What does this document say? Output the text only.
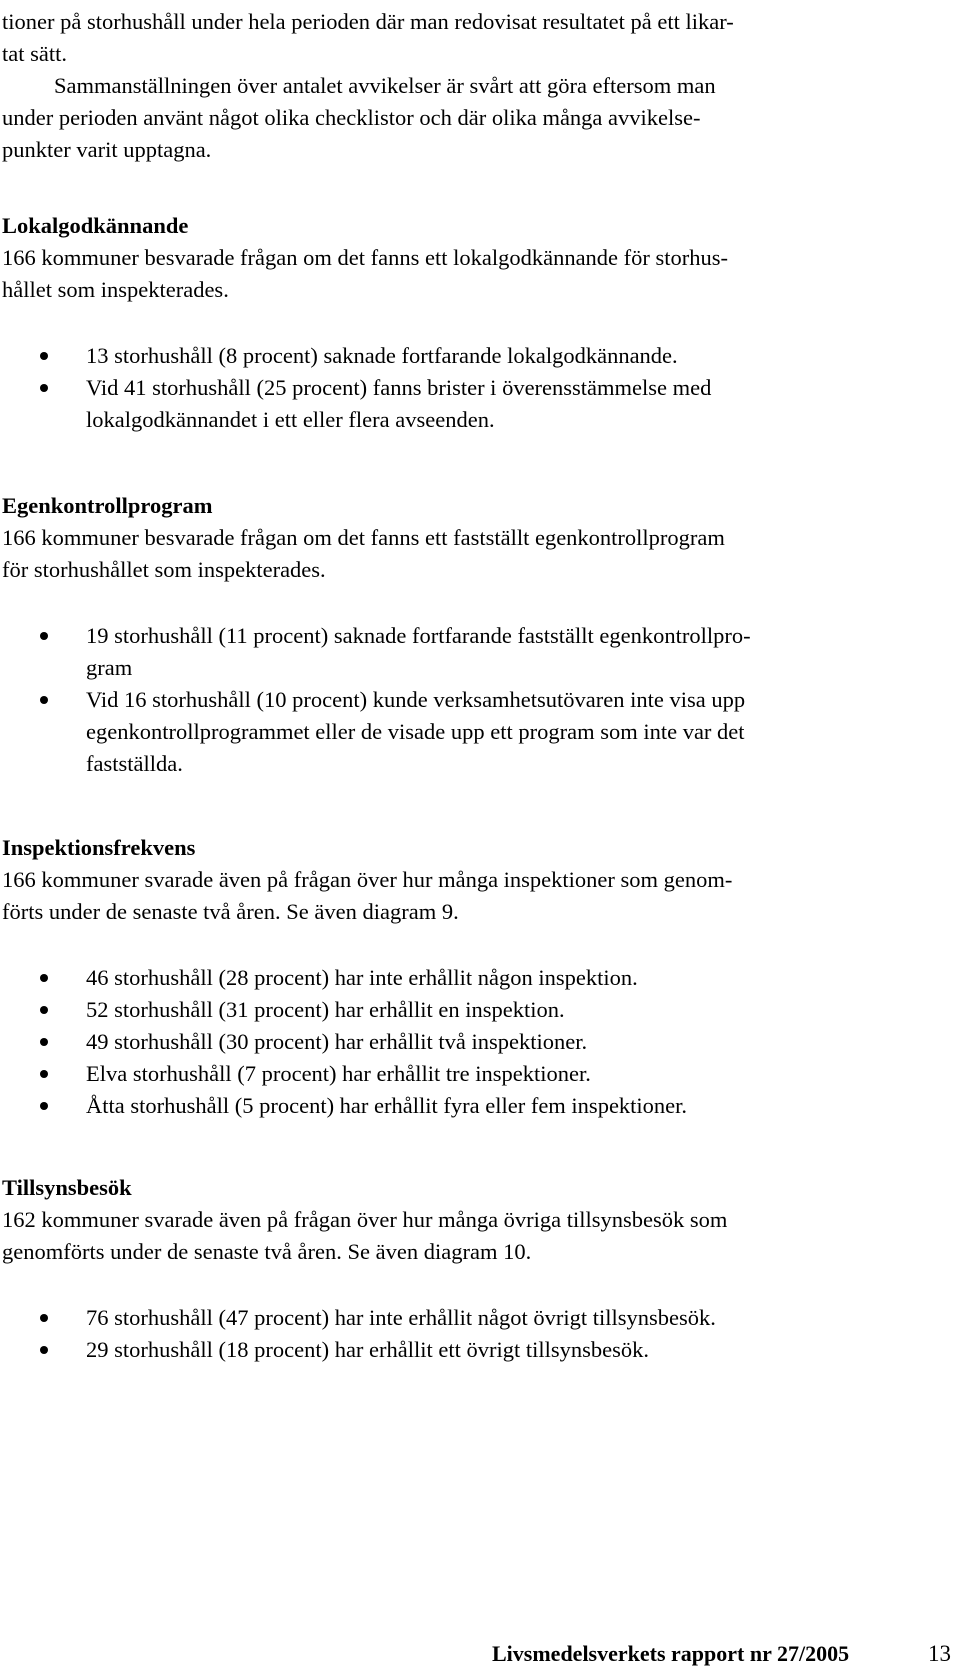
tioner på storhushåll under hela perioden där man redovisat resultatet på ett likar-
tat sätt.
Sammanställningen över antalet avvikelser är svårt att göra eftersom man
under perioden använt något olika checklistor och där olika många avvikelse-
punkter varit upptagna.
Lokalgodkännande
166 kommuner besvarade frågan om det fanns ett lokalgodkännande för storhus-
hållet som inspekterades.
13 storhushåll (8 procent) saknade fortfarande lokalgodkännande.
Vid 41 storhushåll (25 procent) fanns brister i överensstämmelse med
lokalgodkännandet i ett eller flera avseenden.
Egenkontrollprogram
166 kommuner besvarade frågan om det fanns ett fastställt egenkontrollprogram
för storhushållet som inspekterades.
19 storhushåll (11 procent) saknade fortfarande fastställt egenkontrollpro-
gram
Vid 16 storhushåll (10 procent) kunde verksamhetsutövaren inte visa upp
egenkontrollprogrammet eller de visade upp ett program som inte var det
fastställda.
Inspektionsfrekvens
166 kommuner svarade även på frågan över hur många inspektioner som genom-
förts under de senaste två åren. Se även diagram 9.
46 storhushåll (28 procent) har inte erhållit någon inspektion.
52 storhushåll (31 procent) har erhållit en inspektion.
49 storhushåll (30 procent) har erhållit två inspektioner.
Elva storhushåll (7 procent) har erhållit tre inspektioner.
Åtta storhushåll (5 procent) har erhållit fyra eller fem inspektioner.
Tillsynsbesök
162 kommuner svarade även på frågan över hur många övriga tillsynsbesök som
genomförts under de senaste två åren. Se även diagram 10.
76 storhushåll (47 procent) har inte erhållit något övrigt tillsynsbesök.
29 storhushåll (18 procent) har erhållit ett övrigt tillsynsbesök.
Livsmedelsverkets rapport nr 27/2005	13
